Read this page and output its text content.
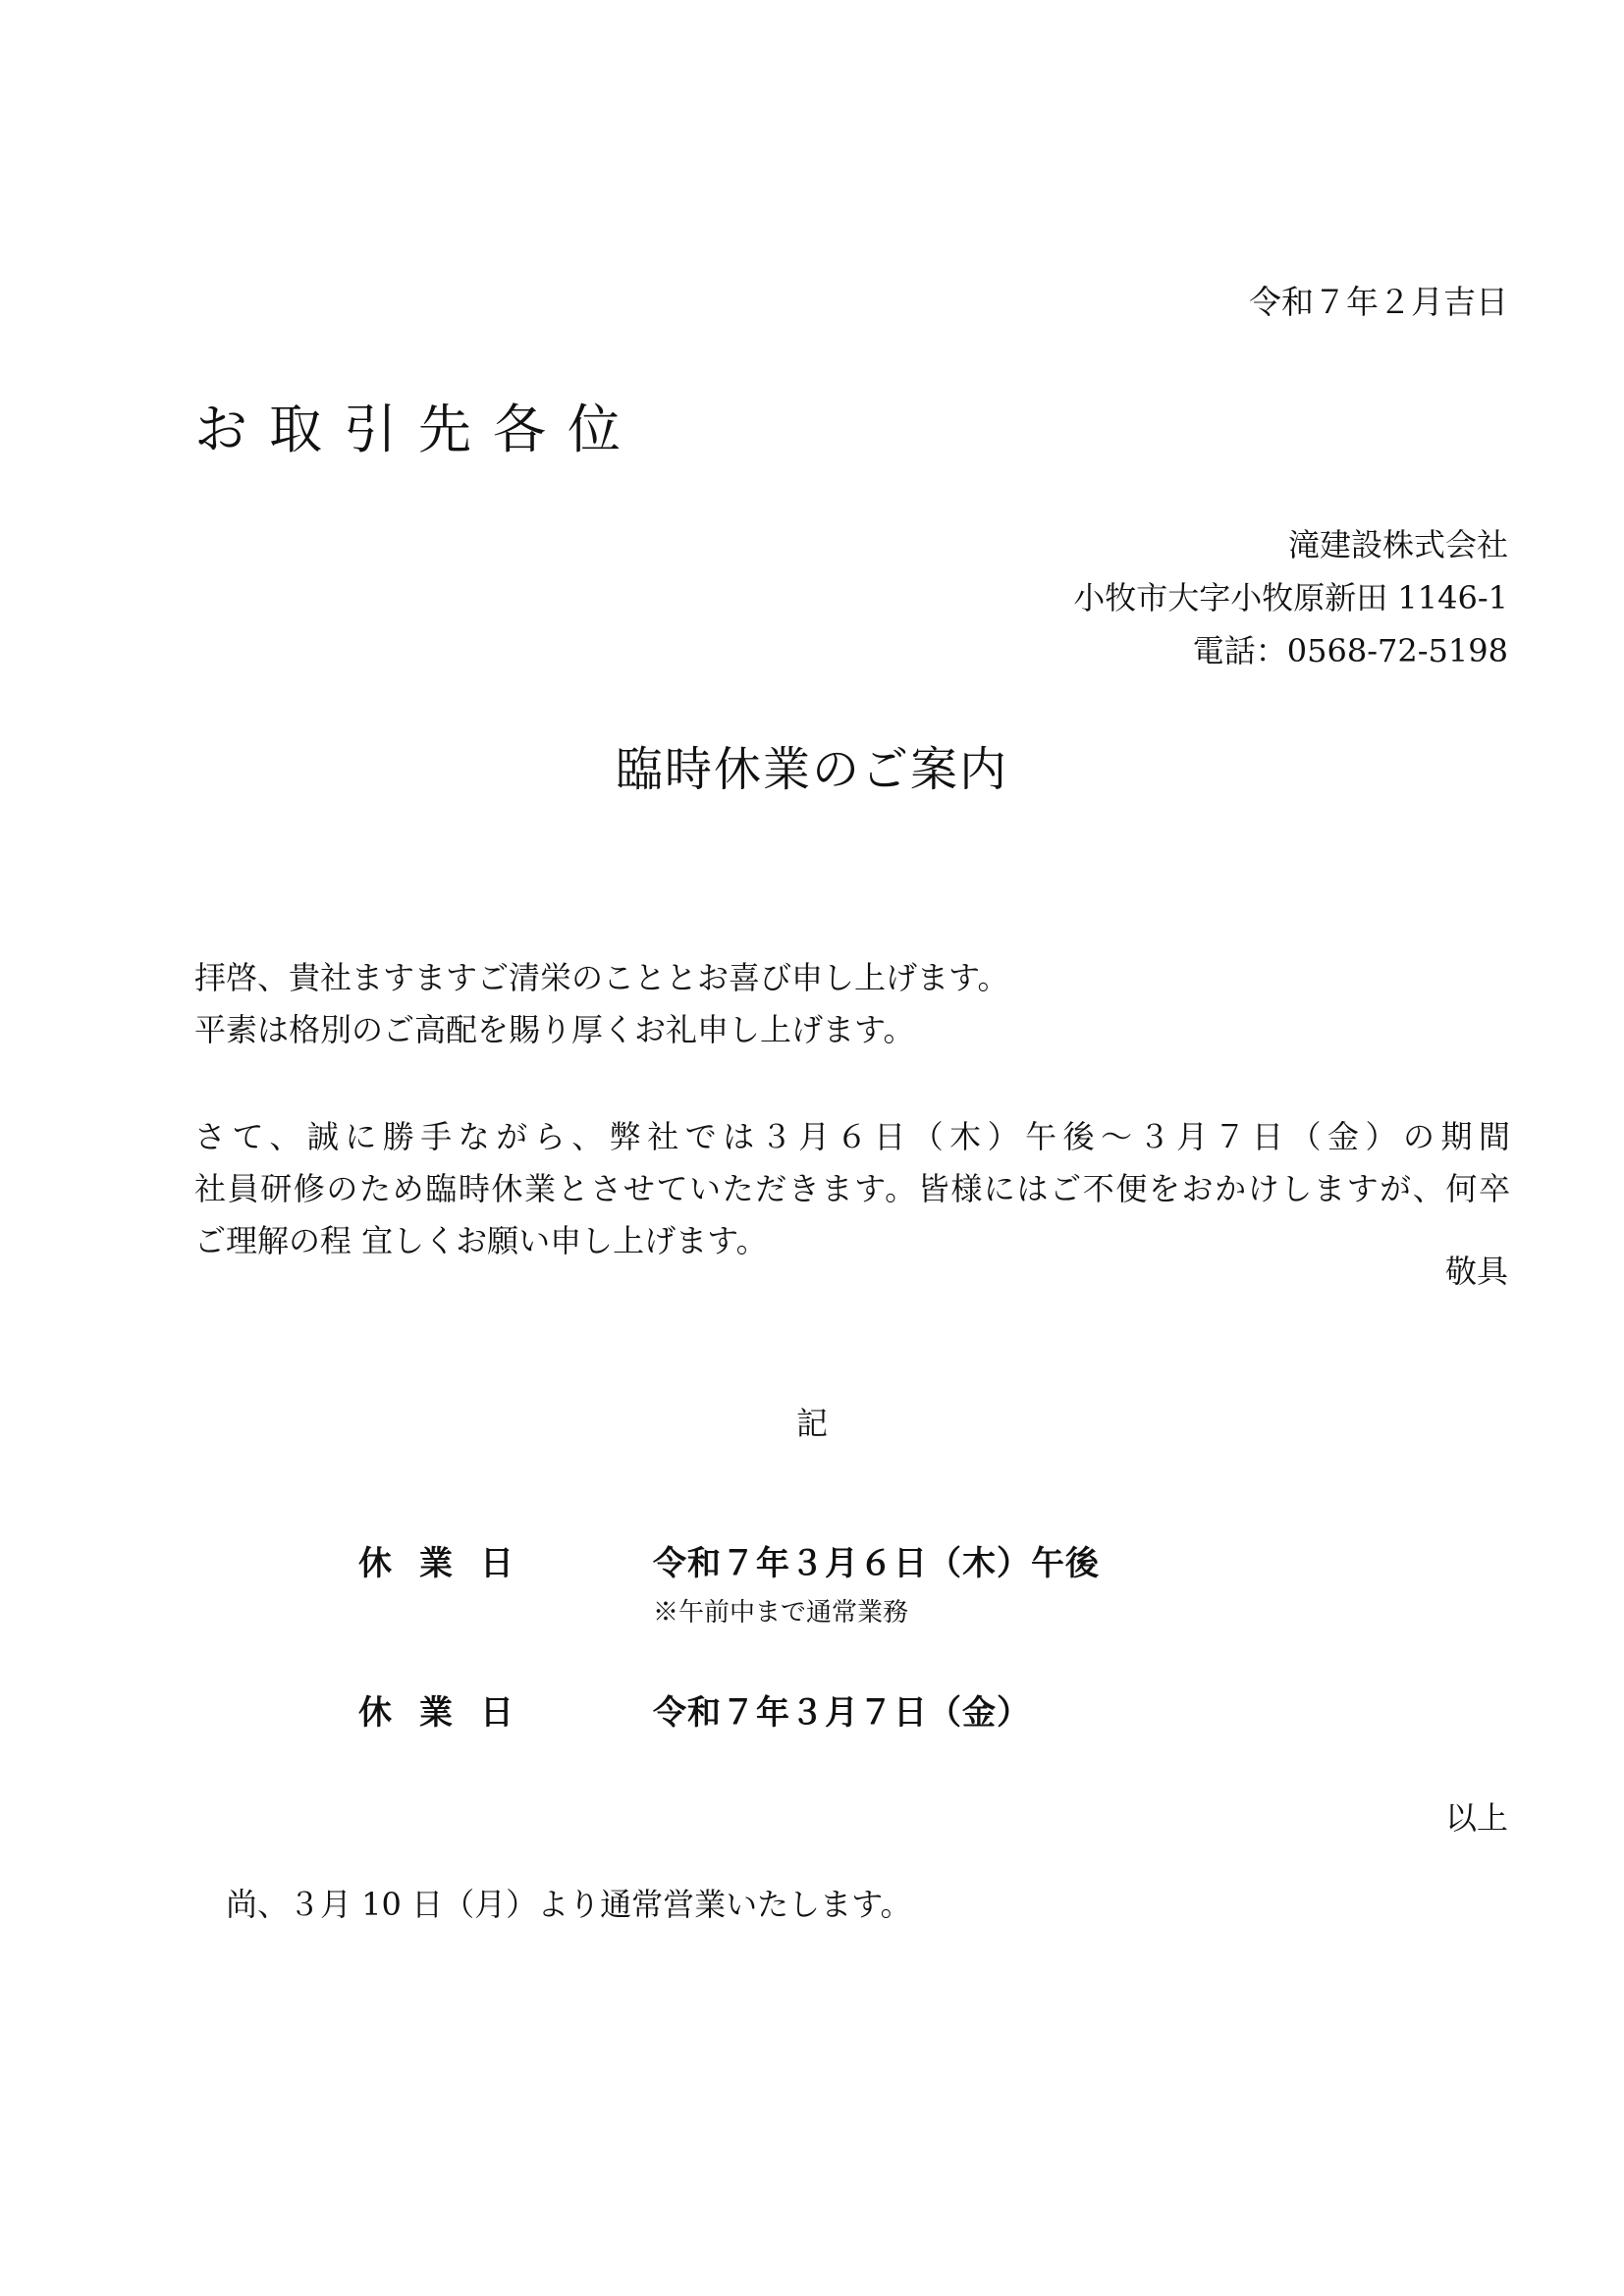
令和７年２月吉日
お取引先各位
滝建設株式会社
小牧市大字小牧原新田 1146-1
電話：0568-72-5198
臨時休業のご案内
拝啓、貴社ますますご清栄のこととお喜び申し上げます。
平素は格別のご高配を賜り厚くお礼申し上げます。
さて、誠に勝手ながら、弊社では３月６日（木）午後～３月７日（金）の期間
社員研修のため臨時休業とさせていただきます。皆様にはご不便をおかけしますが、何卒
ご理解の程 宜しくお願い申し上げます。
敬具
記
休業日	令和７年３月６日（木）午後
※午前中まで通常業務
休業日	令和７年３月７日（金）
以上
尚、３月 10 日（月）より通常営業いたします。
